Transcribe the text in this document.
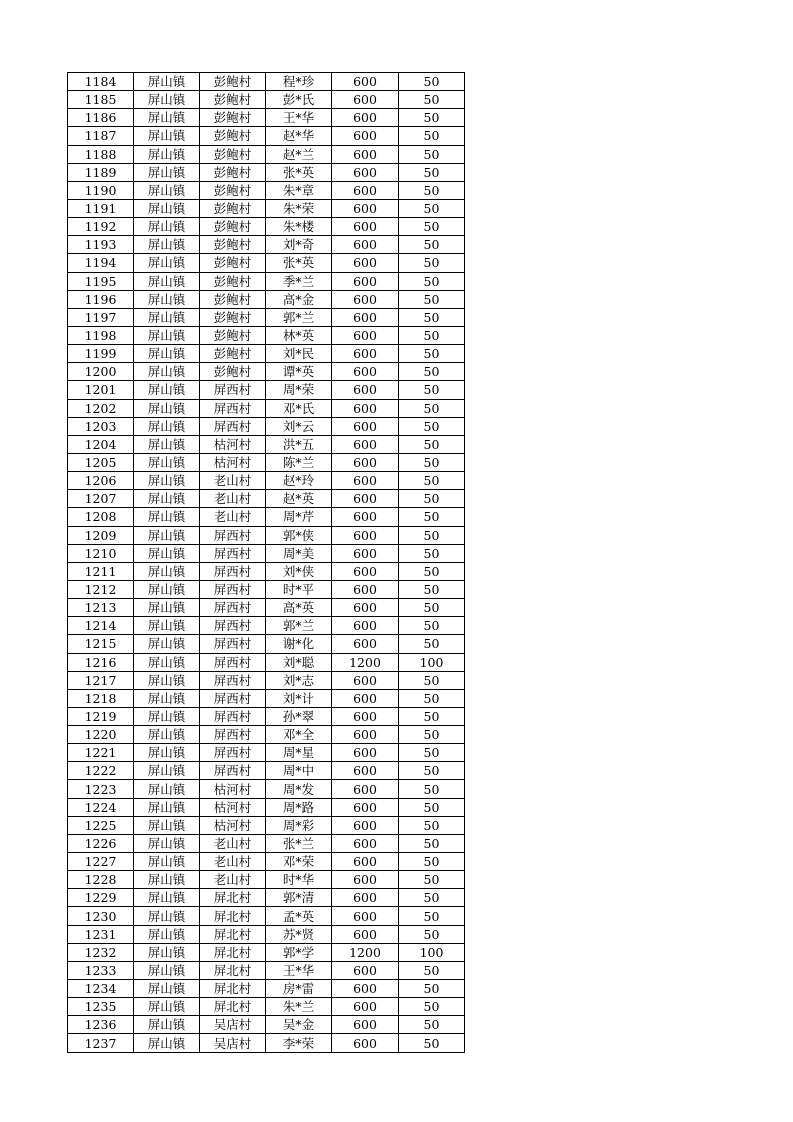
1184	屏山镇	彭鲍村	程*珍	600	50
1185	屏山镇	彭鲍村	彭*氏	600	50
1186	屏山镇	彭鲍村	王*华	600	50
1187	屏山镇	彭鲍村	赵*华	600	50
1188	屏山镇	彭鲍村	赵*兰	600	50
1189	屏山镇	彭鲍村	张*英	600	50
1190	屏山镇	彭鲍村	朱*章	600	50
1191	屏山镇	彭鲍村	朱*荣	600	50
1192	屏山镇	彭鲍村	朱*楼	600	50
1193	屏山镇	彭鲍村	刘*奇	600	50
1194	屏山镇	彭鲍村	张*英	600	50
1195	屏山镇	彭鲍村	季*兰	600	50
1196	屏山镇	彭鲍村	高*金	600	50
1197	屏山镇	彭鲍村	郭*兰	600	50
1198	屏山镇	彭鲍村	林*英	600	50
1199	屏山镇	彭鲍村	刘*民	600	50
1200	屏山镇	彭鲍村	谭*英	600	50
1201	屏山镇	屏西村	周*荣	600	50
1202	屏山镇	屏西村	邓*氏	600	50
1203	屏山镇	屏西村	刘*云	600	50
1204	屏山镇	枯河村	洪*五	600	50
1205	屏山镇	枯河村	陈*兰	600	50
1206	屏山镇	老山村	赵*玲	600	50
1207	屏山镇	老山村	赵*英	600	50
1208	屏山镇	老山村	周*芹	600	50
1209	屏山镇	屏西村	郭*侠	600	50
1210	屏山镇	屏西村	周*美	600	50
1211	屏山镇	屏西村	刘*侠	600	50
1212	屏山镇	屏西村	时*平	600	50
1213	屏山镇	屏西村	高*英	600	50
1214	屏山镇	屏西村	郭*兰	600	50
1215	屏山镇	屏西村	谢*化	600	50
1216	屏山镇	屏西村	刘*聪	1200	100
1217	屏山镇	屏西村	刘*志	600	50
1218	屏山镇	屏西村	刘*计	600	50
1219	屏山镇	屏西村	孙*翠	600	50
1220	屏山镇	屏西村	邓*全	600	50
1221	屏山镇	屏西村	周*星	600	50
1222	屏山镇	屏西村	周*中	600	50
1223	屏山镇	枯河村	周*发	600	50
1224	屏山镇	枯河村	周*路	600	50
1225	屏山镇	枯河村	周*彩	600	50
1226	屏山镇	老山村	张*兰	600	50
1227	屏山镇	老山村	邓*荣	600	50
1228	屏山镇	老山村	时*华	600	50
1229	屏山镇	屏北村	郭*清	600	50
1230	屏山镇	屏北村	孟*英	600	50
1231	屏山镇	屏北村	苏*贤	600	50
1232	屏山镇	屏北村	郭*学	1200	100
1233	屏山镇	屏北村	王*华	600	50
1234	屏山镇	屏北村	房*雷	600	50
1235	屏山镇	屏北村	朱*兰	600	50
1236	屏山镇	吴店村	吴*金	600	50
1237	屏山镇	吴店村	李*荣	600	50
